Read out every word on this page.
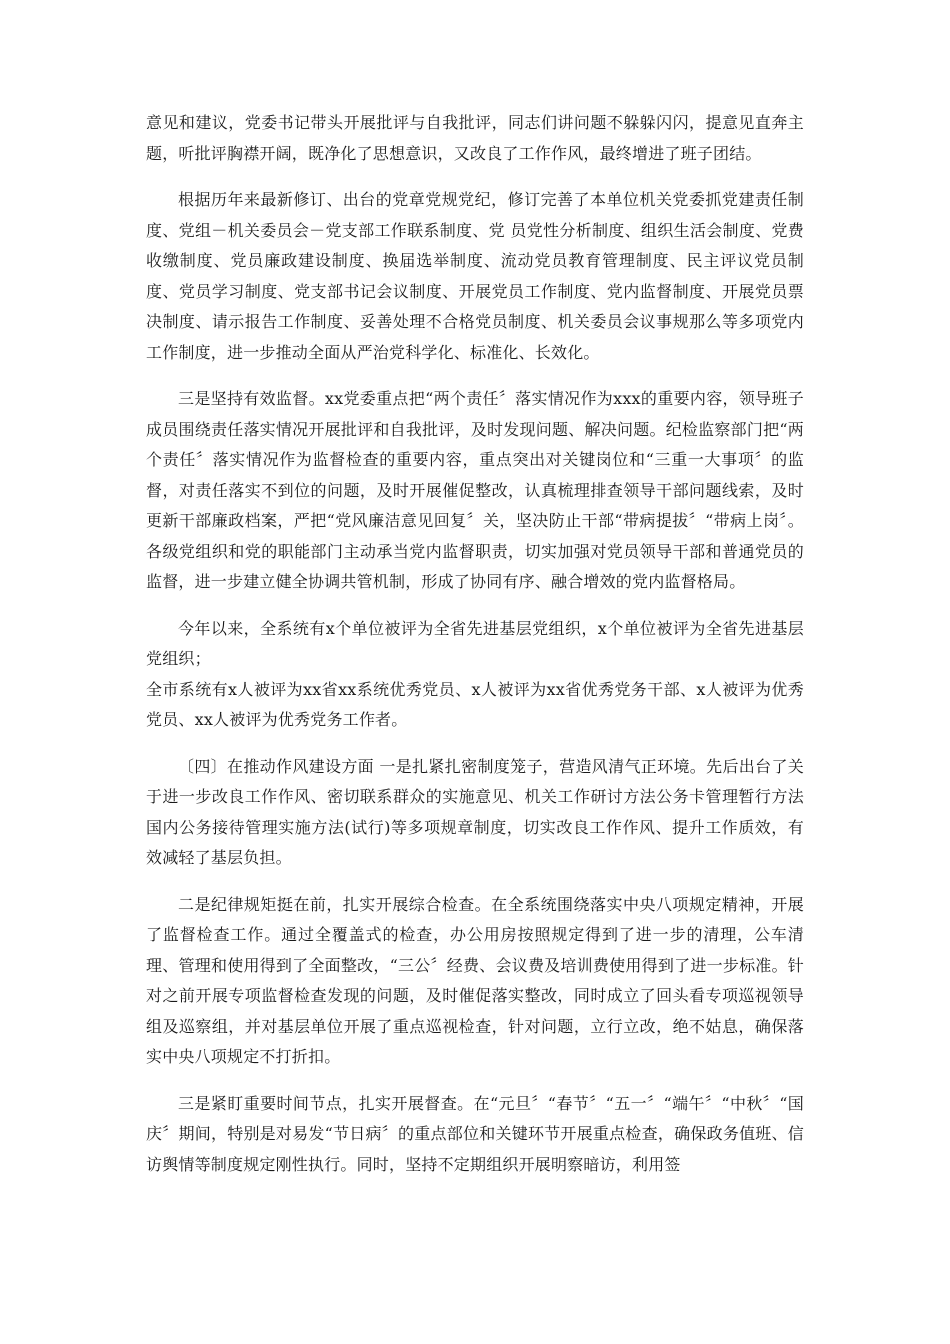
意见和建议，党委书记带头开展批评与自我批评，同志们讲问题不躲躲闪闪，提意见直奔主题，听批评胸襟开阔，既净化了思想意识，又改良了工作作风，最终增进了班子团结。

根据历年来最新修订、出台的党章党规党纪，修订完善了本单位机关党委抓党建责任制度、党组－机关委员会－党支部工作联系制度、党 员党性分析制度、组织生活会制度、党费收缴制度、党员廉政建设制度、换届选举制度、流动党员教育管理制度、民主评议党员制度、党员学习制度、党支部书记会议制度、开展党员工作制度、党内监督制度、开展党员票决制度、请示报告工作制度、妥善处理不合格党员制度、机关委员会议事规那么等多项党内工作制度，进一步推动全面从严治党科学化、标准化、长效化。

三是坚持有效监督。xx党委重点把“两个责任〞落实情况作为xxx的重要内容，领导班子成员围绕责任落实情况开展批评和自我批评，及时发现问题、解决问题。纪检监察部门把“两个责任〞落实情况作为监督检查的重要内容，重点突出对关键岗位和“三重一大事项〞的监督，对责任落实不到位的问题，及时开展催促整改，认真梳理排查领导干部问题线索，及时更新干部廉政档案，严把“党风廉洁意见回复〞关，坚决防止干部“带病提拔〞“带病上岗〞。各级党组织和党的职能部门主动承当党内监督职责，切实加强对党员领导干部和普通党员的监督，进一步建立健全协调共管机制，形成了协同有序、融合增效的党内监督格局。

今年以来，全系统有x个单位被评为全省先进基层党组织，x个单位被评为全省先进基层党组织；
全市系统有x人被评为xx省xx系统优秀党员、x人被评为xx省优秀党务干部、x人被评为优秀党员、xx人被评为优秀党务工作者。

〔四〕在推动作风建设方面 一是扎紧扎密制度笼子，营造风清气正环境。先后出台了关于进一步改良工作作风、密切联系群众的实施意见、机关工作研讨方法公务卡管理暂行方法国内公务接待管理实施方法(试行)等多项规章制度，切实改良工作作风、提升工作质效，有效减轻了基层负担。

二是纪律规矩挺在前，扎实开展综合检查。在全系统围绕落实中央八项规定精神，开展了监督检查工作。通过全覆盖式的检查，办公用房按照规定得到了进一步的清理，公车清理、管理和使用得到了全面整改，“三公〞经费、会议费及培训费使用得到了进一步标准。针对之前开展专项监督检查发现的问题，及时催促落实整改，同时成立了回头看专项巡视领导组及巡察组，并对基层单位开展了重点巡视检查，针对问题，立行立改，绝不姑息，确保落实中央八项规定不打折扣。

三是紧盯重要时间节点，扎实开展督查。在“元旦〞“春节〞“五一〞“端午〞“中秋〞“国庆〞期间，特别是对易发“节日病〞的重点部位和关键环节开展重点检查，确保政务值班、信访舆情等制度规定刚性执行。同时，坚持不定期组织开展明察暗访，利用签
